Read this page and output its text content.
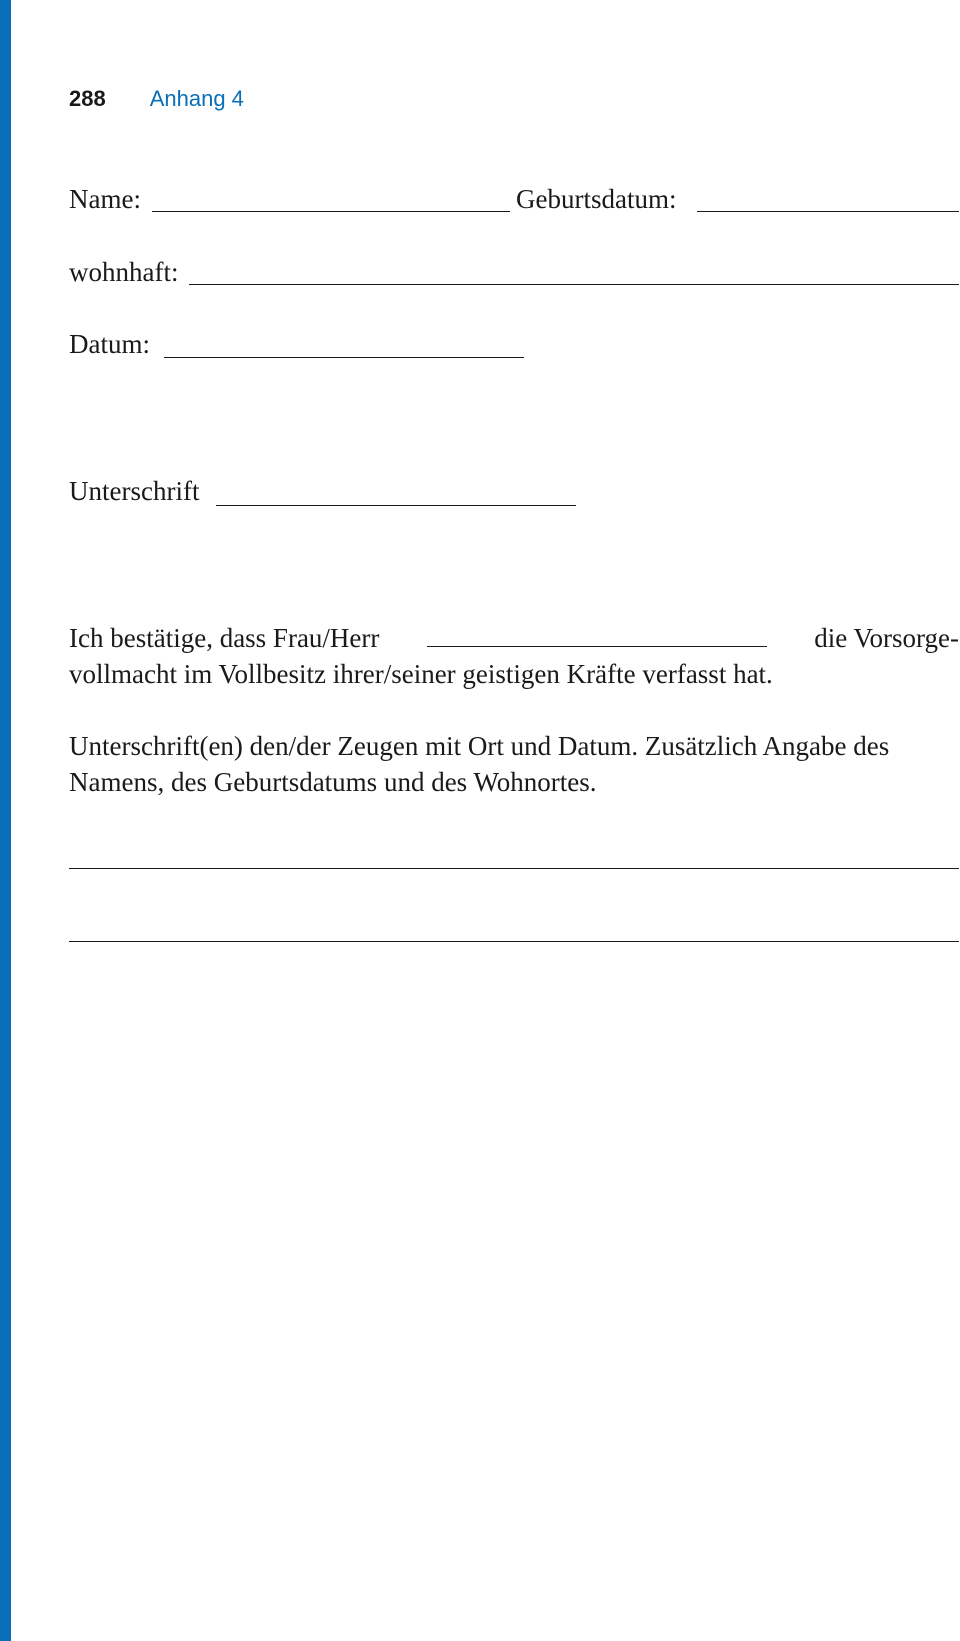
288 Anhang 4
Name:	Geburtsdatum:
wohnhaft:
Datum:
Unterschrift
Ich bestätige, dass Frau/Herr	die Vorsorge-
vollmacht im Vollbesitz ihrer/seiner geistigen Kräfte verfasst hat.
Unterschrift(en) den/der Zeugen mit Ort und Datum. Zusätzlich Angabe des
Namens, des Geburtsdatums und des Wohnortes.
